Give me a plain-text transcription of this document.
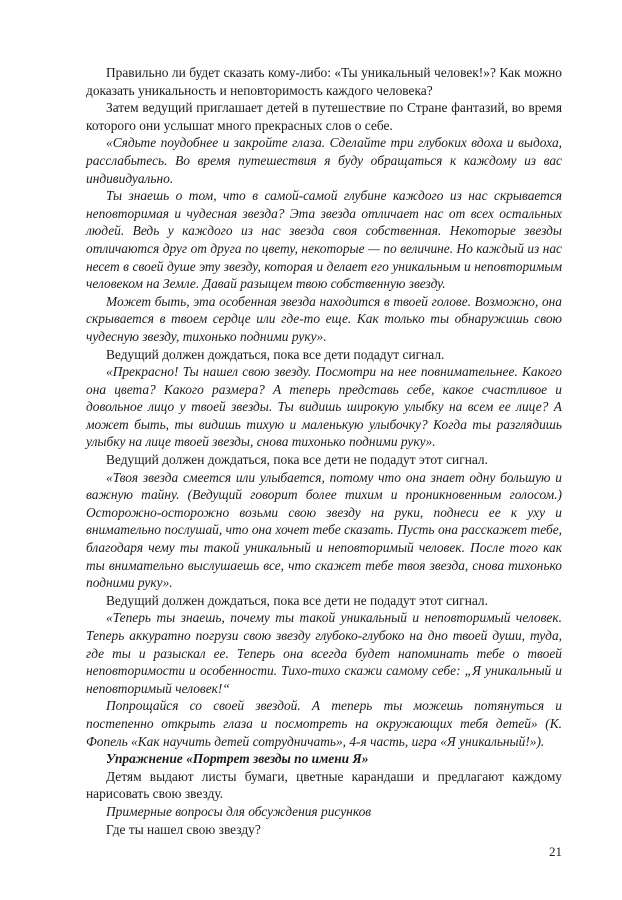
Правильно ли будет сказать кому-либо: «Ты уникальный человек!»? Как можно доказать уникальность и неповторимость каждого человека?

Затем ведущий приглашает детей в путешествие по Стране фантазий, во время которого они услышат много прекрасных слов о себе.

«Сядьте поудобнее и закройте глаза. Сделайте три глубоких вдоха и выдоха, расслабьтесь. Во время путешествия я буду обращаться к каждому из вас индивидуально.

Ты знаешь о том, что в самой-самой глубине каждого из нас скрывается неповторимая и чудесная звезда? Эта звезда отличает нас от всех остальных людей. Ведь у каждого из нас звезда своя собственная. Некоторые звезды отличаются друг от друга по цвету, некоторые — по величине. Но каждый из нас несет в своей душе эту звезду, которая и делает его уникальным и неповторимым человеком на Земле. Давай разыщем твою собственную звезду.

Может быть, эта особенная звезда находится в твоей голове. Возможно, она скрывается в твоем сердце или где-то еще. Как только ты обнаружишь свою чудесную звезду, тихонько подними руку».

Ведущий должен дождаться, пока все дети подадут сигнал.

«Прекрасно! Ты нашел свою звезду. Посмотри на нее повнимательнее. Какого она цвета? Какого размера? А теперь представь себе, какое счастливое и довольное лицо у твоей звезды. Ты видишь широкую улыбку на всем ее лице? А может быть, ты видишь тихую и маленькую улыбочку? Когда ты разглядишь улыбку на лице твоей звезды, снова тихонько подними руку».

Ведущий должен дождаться, пока все дети не подадут этот сигнал.

«Твоя звезда смеется или улыбается, потому что она знает одну большую и важную тайну. (Ведущий говорит более тихим и проникновенным голосом.) Осторожно-осторожно возьми свою звезду на руки, поднеси ее к уху и внимательно послушай, что она хочет тебе сказать. Пусть она расскажет тебе, благодаря чему ты такой уникальный и неповторимый человек. После того как ты внимательно выслушаешь все, что скажет тебе твоя звезда, снова тихонько подними руку».

Ведущий должен дождаться, пока все дети не подадут этот сигнал.

«Теперь ты знаешь, почему ты такой уникальный и неповторимый человек. Теперь аккуратно погрузи свою звезду глубоко-глубоко на дно твоей души, туда, где ты и разыскал ее. Теперь она всегда будет напоминать тебе о твоей неповторимости и особенности. Тихо-тихо скажи самому себе: „Я уникальный и неповторимый человек!“

Попрощайся со своей звездой. А теперь ты можешь потянуться и постепенно открыть глаза и посмотреть на окружающих тебя детей» (К. Фопель «Как научить детей сотрудничать», 4-я часть, игра «Я уникальный!»).

Упражнение «Портрет звезды по имени Я»

Детям выдают листы бумаги, цветные карандаши и предлагают каждому нарисовать свою звезду.

Примерные вопросы для обсуждения рисунков

Где ты нашел свою звезду?

21
